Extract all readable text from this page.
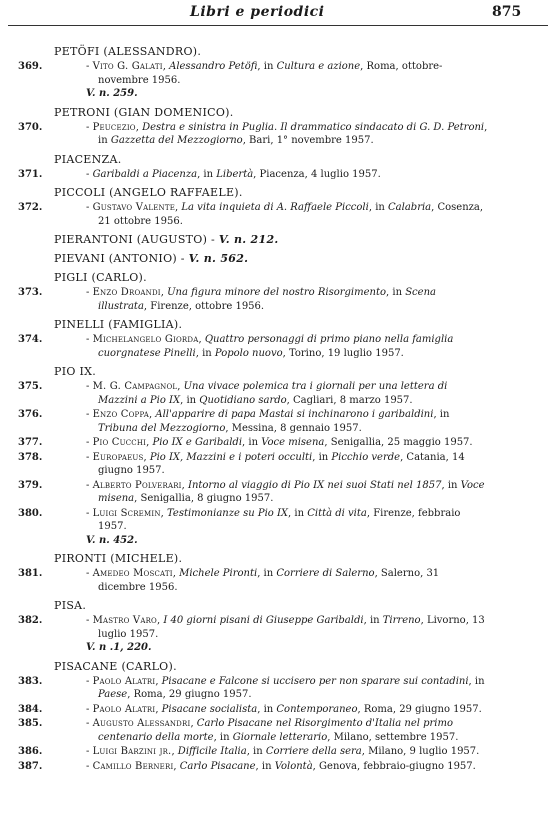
Libri e periodici	875
PETÖFI (ALESSANDRO).
369.	- Vito G. Galati, Alessandro Petöfi, in Cultura e azione, Roma, ottobre-novembre 1956.
V. n. 259.
PETRONI (GIAN DOMENICO).
370.	- Peucezio, Destra e sinistra in Puglia. Il drammatico sindacato di G. D. Petroni, in Gazzetta del Mezzogiorno, Bari, 1° novembre 1957.
PIACENZA.
371.	- Garibaldi a Piacenza, in Libertà, Piacenza, 4 luglio 1957.
PICCOLI (ANGELO RAFFAELE).
372.	- Gustavo Valente, La vita inquieta di A. Raffaele Piccoli, in Calabria, Cosenza, 21 ottobre 1956.
PIERANTONI (AUGUSTO) - V. n. 212.
PIEVANI (ANTONIO) - V. n. 562.
PIGLI (CARLO).
373.	- Enzo Droandi, Una figura minore del nostro Risorgimento, in Scena illustrata, Firenze, ottobre 1956.
PINELLI (FAMIGLIA).
374.	- Michelangelo Giorda, Quattro personaggi di primo piano nella famiglia cuorgnatese Pinelli, in Popolo nuovo, Torino, 19 luglio 1957.
PIO IX.
375.	- M. G. Campagnol, Una vivace polemica tra i giornali per una lettera di Mazzini a Pio IX, in Quotidiano sardo, Cagliari, 8 marzo 1957.
376.	- Enzo Coppa, All'apparire di papa Mastai si inchinarono i garibaldini, in Tribuna del Mezzogiorno, Messina, 8 gennaio 1957.
377.	- Pio Cucchi, Pio IX e Garibaldi, in Voce misena, Senigallia, 25 maggio 1957.
378.	- Europaeus, Pio IX, Mazzini e i poteri occulti, in Picchio verde, Catania, 14 giugno 1957.
379.	- Alberto Polverari, Intorno al viaggio di Pio IX nei suoi Stati nel 1857, in Voce misena, Senigallia, 8 giugno 1957.
380.	- Luigi Scremin, Testimonianze su Pio IX, in Città di vita, Firenze, febbraio 1957.
V. n. 452.
PIRONTI (MICHELE).
381.	- Amedeo Moscati, Michele Pironti, in Corriere di Salerno, Salerno, 31 dicembre 1956.
PISA.
382.	- Mastro Varo, I 40 giorni pisani di Giuseppe Garibaldi, in Tirreno, Livorno, 13 luglio 1957.
V. n .1, 220.
PISACANE (CARLO).
383.	- Paolo Alatri, Pisacane e Falcone si uccisero per non sparare sui contadini, in Paese, Roma, 29 giugno 1957.
384.	- Paolo Alatri, Pisacane socialista, in Contemporaneo, Roma, 29 giugno 1957.
385.	- Augusto Alessandri, Carlo Pisacane nel Risorgimento d'Italia nel primo centenario della morte, in Giornale letterario, Milano, settembre 1957.
386.	- Luigi Barzini jr., Difficile Italia, in Corriere della sera, Milano, 9 luglio 1957.
387.	- Camillo Berneri, Carlo Pisacane, in Volontà, Genova, febbraio-giugno 1957.
